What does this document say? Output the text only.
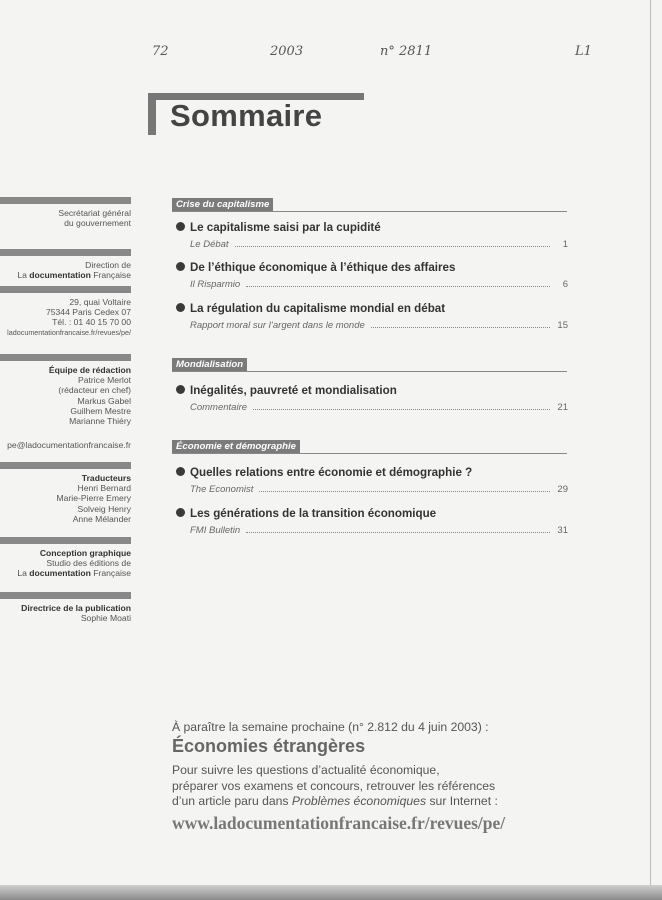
72	2003	n° 2811	L1
Sommaire
Secrétariat général
du gouvernement
Direction de
La documentation Française
29, quai Voltaire
75344 Paris Cedex 07
Tél. : 01 40 15 70 00
ladocumentationfrancaise.fr/revues/pe/
Équipe de rédaction
Patrice Merlot
(rédacteur en chef)
Markus Gabel
Guilhem Mestre
Marianne Thiéry
pe@ladocumentationfrancaise.fr
Traducteurs
Henri Bernard
Marie-Pierre Emery
Solveig Henry
Anne Mélander
Conception graphique
Studio des éditions de
La documentation Française
Directrice de la publication
Sophie Moati
Crise du capitalisme
Le capitalisme saisi par la cupidité
Le Débat	1
De l’éthique économique à l’éthique des affaires
Il Risparmio	6
La régulation du capitalisme mondial en débat
Rapport moral sur l’argent dans le monde	15
Mondialisation
Inégalités, pauvreté et mondialisation
Commentaire	21
Économie et démographie
Quelles relations entre économie et démographie ?
The Economist	29
Les générations de la transition économique
FMI Bulletin	31
À paraître la semaine prochaine (n° 2.812 du 4 juin 2003) :
Économies étrangères
Pour suivre les questions d’actualité économique,
préparer vos examens et concours, retrouver les références
d’un article paru dans Problèmes économiques sur Internet :
www.ladocumentationfrancaise.fr/revues/pe/
